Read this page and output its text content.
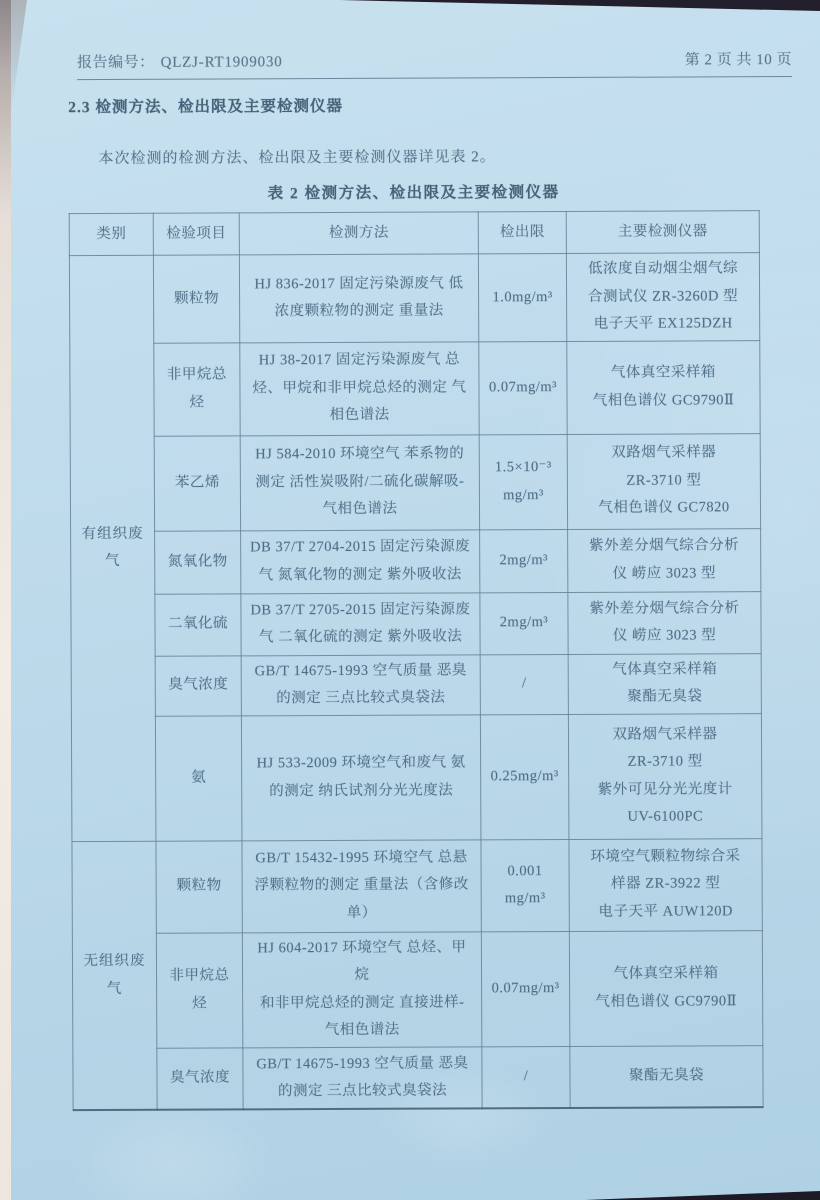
报告编号： QLZJ-RT1909030	第 2 页 共 10 页
2.3 检测方法、检出限及主要检测仪器

本次检测的检测方法、检出限及主要检测仪器详见表 2。

表 2 检测方法、检出限及主要检测仪器
类别	检验项目	检测方法	检出限	主要检测仪器
有组织废
气	颗粒物	HJ 836-2017 固定污染源废气 低
浓度颗粒物的测定 重量法	1.0mg/m³	低浓度自动烟尘烟气综
合测试仪 ZR-3260D 型
电子天平 EX125DZH
	非甲烷总烃	HJ 38-2017 固定污染源废气 总
烃、甲烷和非甲烷总烃的测定 气
相色谱法	0.07mg/m³	气体真空采样箱
气相色谱仪 GC9790Ⅱ
	苯乙烯	HJ 584-2010 环境空气 苯系物的
测定 活性炭吸附/二硫化碳解吸-
气相色谱法	1.5×10⁻³
mg/m³	双路烟气采样器
ZR-3710 型
气相色谱仪 GC7820
	氮氧化物	DB 37/T 2704-2015 固定污染源废
气 氮氧化物的测定 紫外吸收法	2mg/m³	紫外差分烟气综合分析
仪 崂应 3023 型
	二氧化硫	DB 37/T 2705-2015 固定污染源废
气 二氧化硫的测定 紫外吸收法	2mg/m³	紫外差分烟气综合分析
仪 崂应 3023 型
	臭气浓度	GB/T 14675-1993 空气质量 恶臭
的测定 三点比较式臭袋法	/	气体真空采样箱
聚酯无臭袋
	氨	HJ 533-2009 环境空气和废气 氨
的测定 纳氏试剂分光光度法	0.25mg/m³	双路烟气采样器
ZR-3710 型
紫外可见分光光度计
UV-6100PC
无组织废
气	颗粒物	GB/T 15432-1995 环境空气 总悬
浮颗粒物的测定 重量法（含修改
单）	0.001
mg/m³	环境空气颗粒物综合采
样器 ZR-3922 型
电子天平 AUW120D
	非甲烷总烃	HJ 604-2017 环境空气 总烃、甲烷
和非甲烷总烃的测定 直接进样-
气相色谱法	0.07mg/m³	气体真空采样箱
气相色谱仪 GC9790Ⅱ
	臭气浓度	GB/T 14675-1993 空气质量 恶臭
的测定 三点比较式臭袋法	/	聚酯无臭袋
